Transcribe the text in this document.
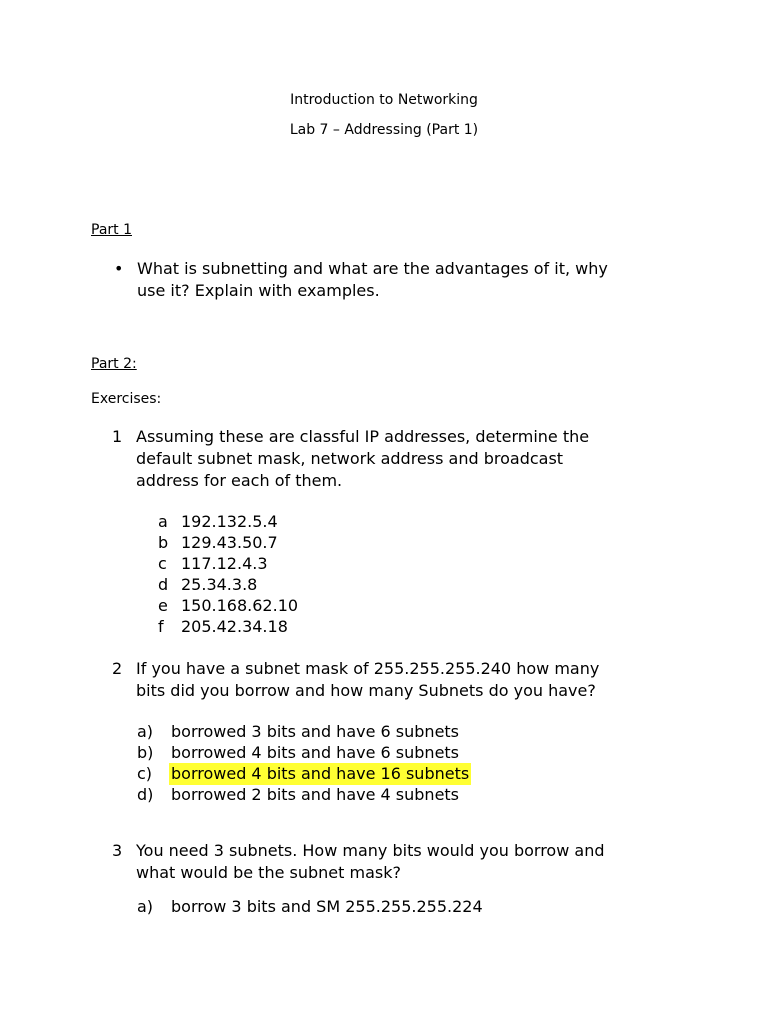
Introduction to Networking
Lab 7 – Addressing (Part 1)
Part 1
• What is subnetting and what are the advantages of it, why
use it? Explain with examples.
Part 2:
Exercises:
1 Assuming these are classful IP addresses, determine the
default subnet mask, network address and broadcast
address for each of them.
a 192.132.5.4
b 129.43.50.7
c 117.12.4.3
d 25.34.3.8
e 150.168.62.10
f 205.42.34.18
2 If you have a subnet mask of 255.255.255.240 how many
bits did you borrow and how many Subnets do you have?
a) borrowed 3 bits and have 6 subnets
b) borrowed 4 bits and have 6 subnets
c) borrowed 4 bits and have 16 subnets
d) borrowed 2 bits and have 4 subnets
3 You need 3 subnets. How many bits would you borrow and
what would be the subnet mask?
a) borrow 3 bits and SM 255.255.255.224
